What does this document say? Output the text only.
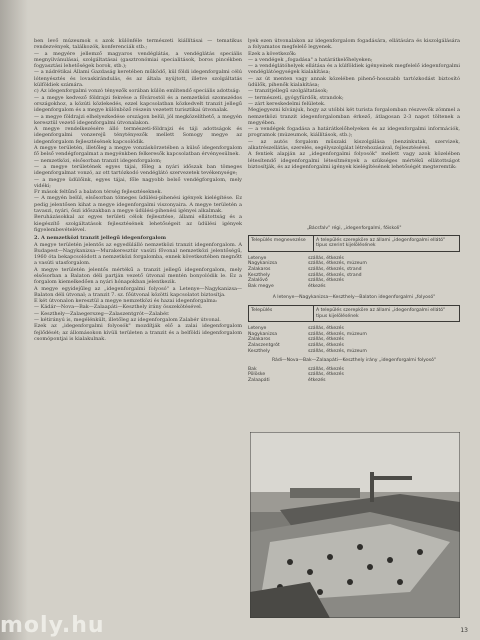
ben levő múzeumok s azok különféle természeti kiállításai — tematikus rendezvények, találkozók, konferenciák stb.;

— a megyére jellemző magyaros vendéglátás, a vendéglátás speciális megnyilvánulásai, szolgáltatásai (gasztronómiai specialitások, boros pincékben fogyasztási lehetőségek borok, stb.);

— a nádrétikai Állami Gazdaság keretében működő, kül földi idegenforgalmi célú lótenyésztés és lovaskirándulás, és az általa nyújtott, illetve szolgáltatás külföldiek számára.

c) Az idegenforgalmi vonzó tényezők sorában külön említendő speciális adottság:

— a megye kedvező földrajzi fekvése a fővárostól és a nemzetközi szomszédos országokhoz, a közúti közlekedés, ezzel kapcsolatban közkedvelt tranzit jellegű idegenforgalom és a megye különböző részein vezetett turisztikai útvonalak.

— a megye földrajzi elhelyezkedése országon belül, jól megközelíthető, a megyén keresztül vezető idegenforgalmi útvonalakon.

A megye rendelkezésére álló természeti-földrajzi és táji adottságok és idegenforgalmi vonzerejű ténytényezők mellett Somogy megye az idegenforgalom fejlesztésének kapcsolódik.

A megye területén, illetőleg a megye vonzáskörzetében a külső idegenforgalom fő belső vendégforgalmat a megyénkben felkeresők kapcsolatban érvényesülnek.

— nemzetközi, elsősorban tranzit idegenforgalom;

— a megye területének egyes tájai, főleg a nyári időszak ban tömeges idegenforgalmat vonzó, az ott tartózkodó vendéglátó szervezetek tevékenysége;

— a megye üdülőink, egyes tájai, főle nagyobb belső vendégforgalom, mely vidéki;

Fr mások feltűnő a balaton térség fejlesztéseknek.

— A megyén belül, elsősorban tömeges üdülési-pihenési igények kielégítése. Ez pedig jelentősen kihat a megye idegenforgalmi viszonyaira. A megye területén a tavaszi, nyári, őszi időszakban a megye üdülési-pihenési igényei alkalmak.

Beruházásokkal az egyes területi célok fejlesztése, állami ellátottság és a kiegészítő szolgáltatások fejlesztésének lehetőségeit az üdülési igények figyelembevételével.

2. A nemzetközi tranzit jellegű idegenforgalom

A megye területén jelentős az egyedülálló nemzetközi tranzit idegenforgalom. A Budapest—Nagykanizsa—Murakeresztúr vasúti fővonal nemzetközi jelentőségű, 1960 óta bekapcsolódott a nemzetközi forgalomba, ennek következtében megnőtt a vasúti utasforgalom.

A megye területén jelentős mértékű a tranzit jellegű idegenforgalom, mely elsősorban a Balaton déli partján vezető útvonal mentén bonyolódik le. Ez a forgalom kiemelkedően a nyári hónapokban jelentkezik.

A megye egyidejűleg az „idegenforgalmi folyosó" a Letenye—Nagykanizsa—Balaton déli útvonal; a tranzit 7. sz. főútvonal közötti kapcsolatot biztosítja.

E két útvonalon keresztül a megye nemzetközi és hazai idegenforgalma:

— Kádár—Nova—Bak—Zalaapáti—Keszthely irány összekötésével.

— Keszthely—Zalaegerszeg—Zalaszentgrót—Zalabér.

— kétirányú is, megélénkült, illetőleg az idegenforgalom Zalabér útvonal.

Ezek az „idegenforgalmi folyosók" mozdítják elő a zalai idegenforgalom fejlődését; az állomásokon kívüli területen a tranzit és a belföldi idegenforgalom csomópontjai is kialakulnak.

lyek ezen útvonalakon az idegenforgalom fogadására, ellátására és kiszolgálására a folyamatos megfelelő legyenek.

Ezek a következők:

— a vendégek „fogadása" a határátkelőhelyeken;

— a vendéglátóhelyek ellátása és a külföldiek igényeinek megfelelő idegenforgalmi vendéglátóegységek kialakítása;

— az út menten vagy annak közelében pihenő-hosszabb tartózkodást biztosító üdülők, pihenők kialakítása;

— tranzitjellegű szolgáltatások;

— természeti, gyógyfürdők, strandok;

— zárt kereskedelmi felületek.

Megjegyezni kívánjuk, hogy az utóbbi két turista forgalomban részvevők zömmel a nemzetközi tranzit idegenforgalomban érkező, átlagosan 2-3 napot töltenek a megyében.

— a vendégek fogadása a határátkelőhelyeken és az idegenforgalmi információk, programok (múzeumok, kiállítások, stb.);

— az autós forgalom műszaki kiszolgálása (benzinkutak, szervizek, alkatrészellátás, szerelés, segélyszolgálat létrehozásával, fejlesztésével.

A fentiek alapján az „idegenforgalmi folyosók" mellett vagy azok közelében létesítendő idegenforgalmi létesítmények a szükséges mértékű ellátottságot biztosítják, és az idegenforgalmi igények kielégítésének lehetőségét megteremtik:

„Bácsfalv" régi, „idegenforgalmi, főiskoli"
Település megnevezése	A település szerepköre az állami „idegenforgalmi ellátó" típus szerint kijelölésének
Letenye	szállás, étkezés
Nagykanizsa	szállás, étkezés, múzeum
Zalakaros	szállás, étkezés, strand
Keszthely	szállás, étkezés, strand
Zalalövő	szállás, étkezés
Bak megye	étkezés
A letenye—Nagykanizsa—Keszthely—Balaton idegenforgalmi „folyosó"
Település	A település szerepköre az állami „idegenforgalmi ellátó" típus kijelölésének
Letenye	szállás, étkezés
Nagykanizsa	szállás, étkezés, múzeum
Zalakaros	szállás, étkezés
Zalaszentgrót	szállás, étkezés
Keszthely	szállás, étkezés, múzeum
Rádi—Nova—Bak—Zalaapáti—Keszthely irány „idegenforgalmi folyosó"
Bak	szállás, étkezés
Pölöske	szállás, étkezés
Zalaapáti	étkezés
13
moly.hu
